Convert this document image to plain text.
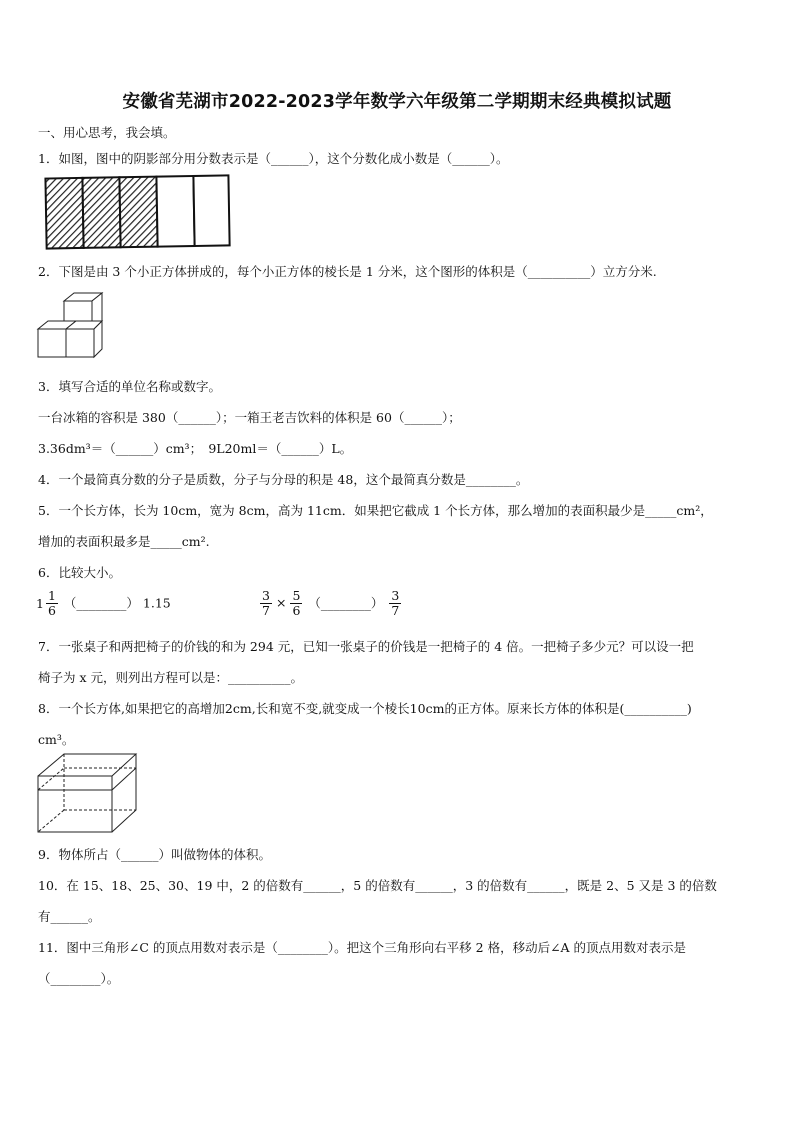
安徽省芜湖市2022-2023学年数学六年级第二学期期末经典模拟试题
一、用心思考，我会填。
1．如图，图中的阴影部分用分数表示是（______），这个分数化成小数是（______）。
2．下图是由 3 个小正方体拼成的，每个小正方体的棱长是 1 分米，这个图形的体积是（__________）立方分米.
3．填写合适的单位名称或数字。
一台冰箱的容积是 380（______）；一箱王老吉饮料的体积是 60（______）；
3.36dm³＝（______）cm³；　9L20ml＝（______）L。
4．一个最简真分数的分子是质数，分子与分母的积是 48，这个最简真分数是________。
5．一个长方体，长为 10cm，宽为 8cm，高为 11cm．如果把它截成 1 个长方体，那么增加的表面积最少是_____cm²，
增加的表面积最多是_____cm².
6．比较大小。
$1 \frac{1}{6}$ （________） 1.15	$\frac{3}{7} \times \frac{5}{6}$ （________） $\frac{3}{7}$
7．一张桌子和两把椅子的价钱的和为 294 元，已知一张桌子的价钱是一把椅子的 4 倍。一把椅子多少元？可以设一把
椅子为 x 元，则列出方程可以是：__________。
8．一个长方体,如果把它的高增加2cm,长和宽不变,就变成一个棱长10cm的正方体。原来长方体的体积是(__________)
cm³。
9．物体所占（______）叫做物体的体积。
10．在 15、18、25、30、19 中，2 的倍数有______，5 的倍数有______，3 的倍数有______，既是 2、5 又是 3 的倍数
有______。
11．图中三角形∠C 的顶点用数对表示是（________）。把这个三角形向右平移 2 格，移动后∠A 的顶点用数对表示是
（________）。
